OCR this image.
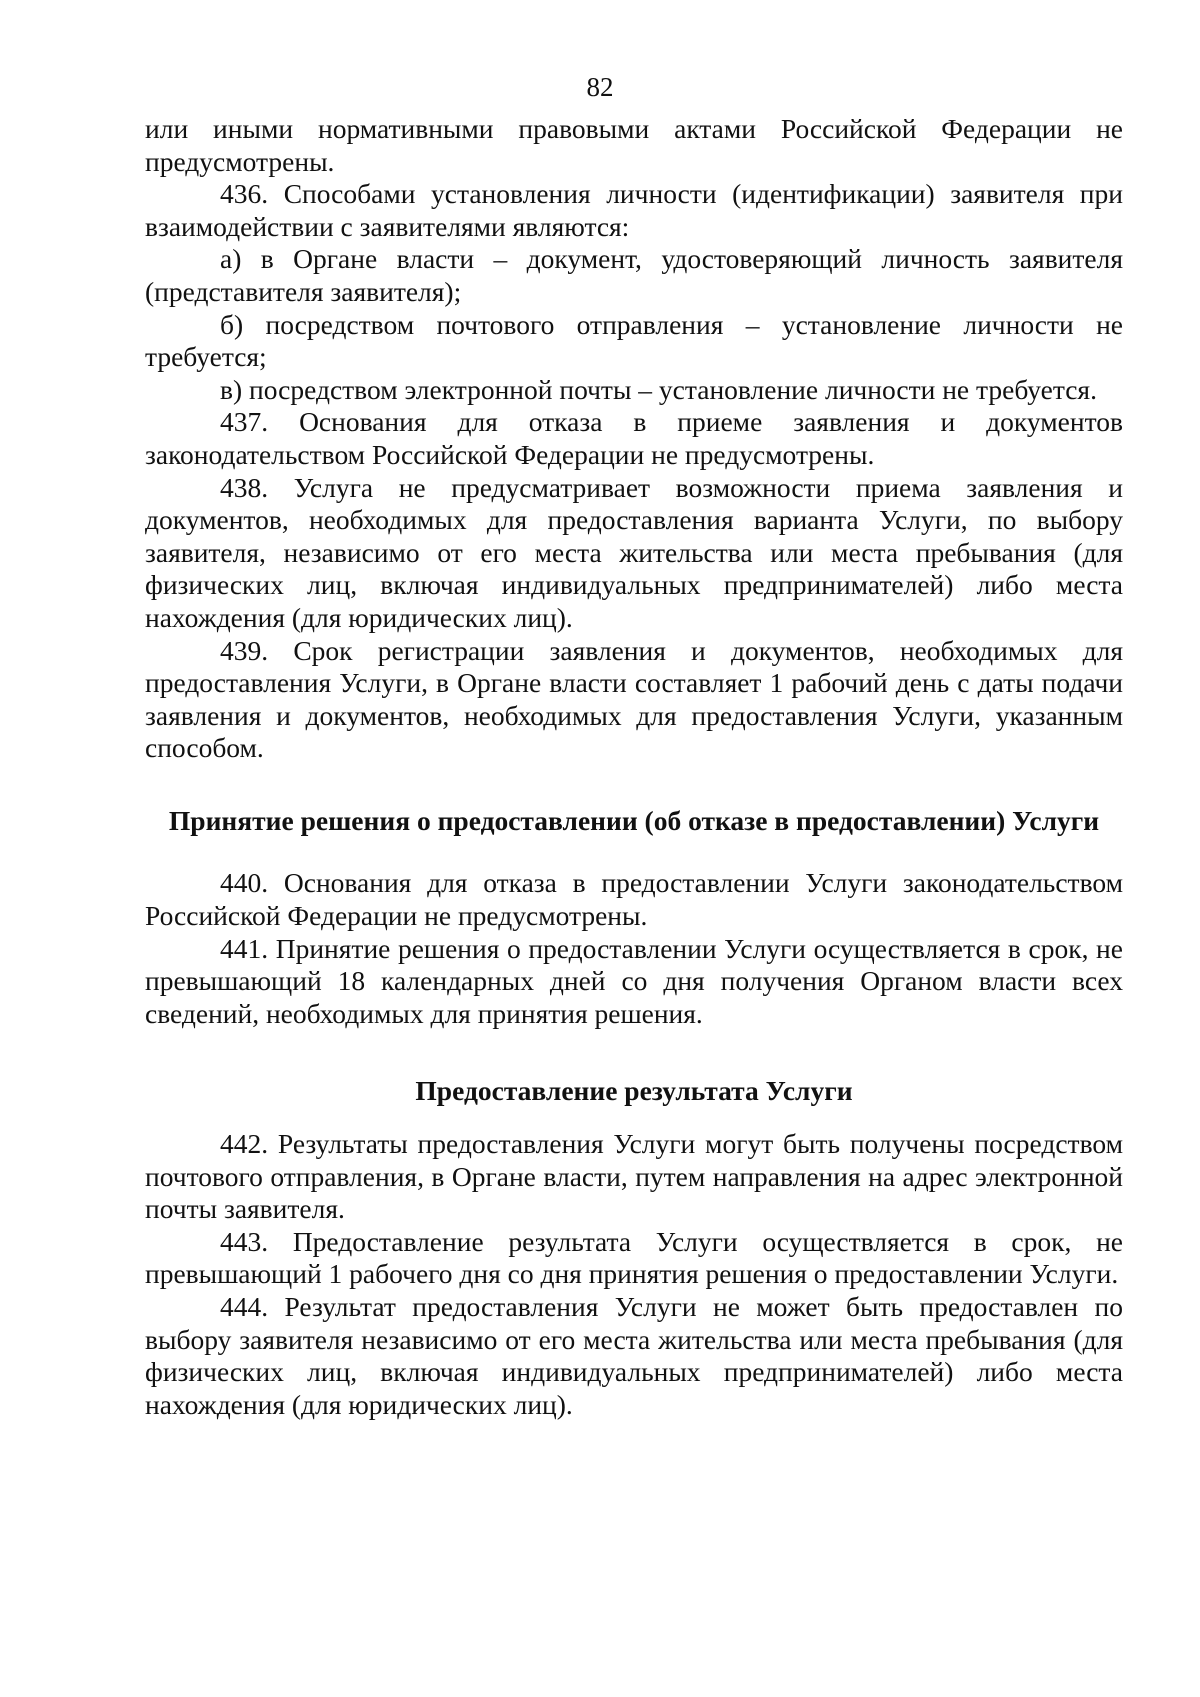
82

или иными нормативными правовыми актами Российской Федерации не предусмотрены.

436. Способами установления личности (идентификации) заявителя при взаимодействии с заявителями являются:

а) в Органе власти – документ, удостоверяющий личность заявителя (представителя заявителя);

б) посредством почтового отправления – установление личности не требуется;

в) посредством электронной почты – установление личности не требуется.

437. Основания для отказа в приеме заявления и документов законодательством Российской Федерации не предусмотрены.

438. Услуга не предусматривает возможности приема заявления и документов, необходимых для предоставления варианта Услуги, по выбору заявителя, независимо от его места жительства или места пребывания (для физических лиц, включая индивидуальных предпринимателей) либо места нахождения (для юридических лиц).

439. Срок регистрации заявления и документов, необходимых для предоставления Услуги, в Органе власти составляет 1 рабочий день с даты подачи заявления и документов, необходимых для предоставления Услуги, указанным способом.

Принятие решения о предоставлении (об отказе в предоставлении) Услуги

440. Основания для отказа в предоставлении Услуги законодательством Российской Федерации не предусмотрены.

441. Принятие решения о предоставлении Услуги осуществляется в срок, не превышающий 18 календарных дней со дня получения Органом власти всех сведений, необходимых для принятия решения.

Предоставление результата Услуги

442. Результаты предоставления Услуги могут быть получены посредством почтового отправления, в Органе власти, путем направления на адрес электронной почты заявителя.

443. Предоставление результата Услуги осуществляется в срок, не превышающий 1 рабочего дня со дня принятия решения о предоставлении Услуги.

444. Результат предоставления Услуги не может быть предоставлен по выбору заявителя независимо от его места жительства или места пребывания (для физических лиц, включая индивидуальных предпринимателей) либо места нахождения (для юридических лиц).
